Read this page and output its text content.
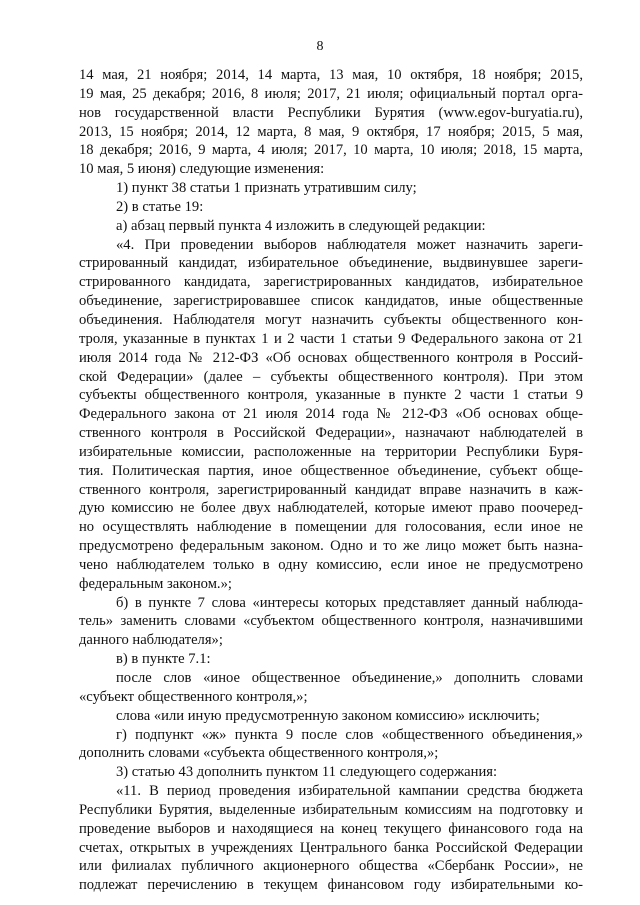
8
14 мая, 21 ноября; 2014, 14 марта, 13 мая, 10 октября, 18 ноября; 2015,
19 мая, 25 декабря; 2016, 8 июля; 2017, 21 июля; официальный портал орга-
нов государственной власти Республики Бурятия (www.egov-buryatia.ru),
2013, 15 ноября; 2014, 12 марта, 8 мая, 9 октября, 17 ноября; 2015, 5 мая,
18 декабря; 2016, 9 марта, 4 июля; 2017, 10 марта, 10 июля; 2018, 15 марта,
10 мая, 5 июня) следующие изменения:
1) пункт 38 статьи 1 признать утратившим силу;
2) в статье 19:
а) абзац первый пункта 4 изложить в следующей редакции:
«4. При проведении выборов наблюдателя может назначить зареги-
стрированный кандидат, избирательное объединение, выдвинувшее зареги-
стрированного кандидата, зарегистрированных кандидатов, избирательное
объединение, зарегистрировавшее список кандидатов, иные общественные
объединения. Наблюдателя могут назначить субъекты общественного кон-
троля, указанные в пунктах 1 и 2 части 1 статьи 9 Федерального закона от 21
июля 2014 года № 212-ФЗ «Об основах общественного контроля в Россий-
ской Федерации» (далее – субъекты общественного контроля). При этом
субъекты общественного контроля, указанные в пункте 2 части 1 статьи 9
Федерального закона от 21 июля 2014 года № 212-ФЗ «Об основах обще-
ственного контроля в Российской Федерации», назначают наблюдателей в
избирательные комиссии, расположенные на территории Республики Буря-
тия. Политическая партия, иное общественное объединение, субъект обще-
ственного контроля, зарегистрированный кандидат вправе назначить в каж-
дую комиссию не более двух наблюдателей, которые имеют право поочеред-
но осуществлять наблюдение в помещении для голосования, если иное не
предусмотрено федеральным законом. Одно и то же лицо может быть назна-
чено наблюдателем только в одну комиссию, если иное не предусмотрено
федеральным законом.»;
б) в пункте 7 слова «интересы которых представляет данный наблюда-
тель» заменить словами «субъектом общественного контроля, назначившими
данного наблюдателя»;
в) в пункте 7.1:
после слов «иное общественное объединение,» дополнить словами
«субъект общественного контроля,»;
слова «или иную предусмотренную законом комиссию» исключить;
г) подпункт «ж» пункта 9 после слов «общественного объединения,»
дополнить словами «субъекта общественного контроля,»;
3) статью 43 дополнить пунктом 11 следующего содержания:
«11. В период проведения избирательной кампании средства бюджета
Республики Бурятия, выделенные избирательным комиссиям на подготовку и
проведение выборов и находящиеся на конец текущего финансового года на
счетах, открытых в учреждениях Центрального банка Российской Федерации
или филиалах публичного акционерного общества «Сбербанк России», не
подлежат перечислению в текущем финансовом году избирательными ко-
